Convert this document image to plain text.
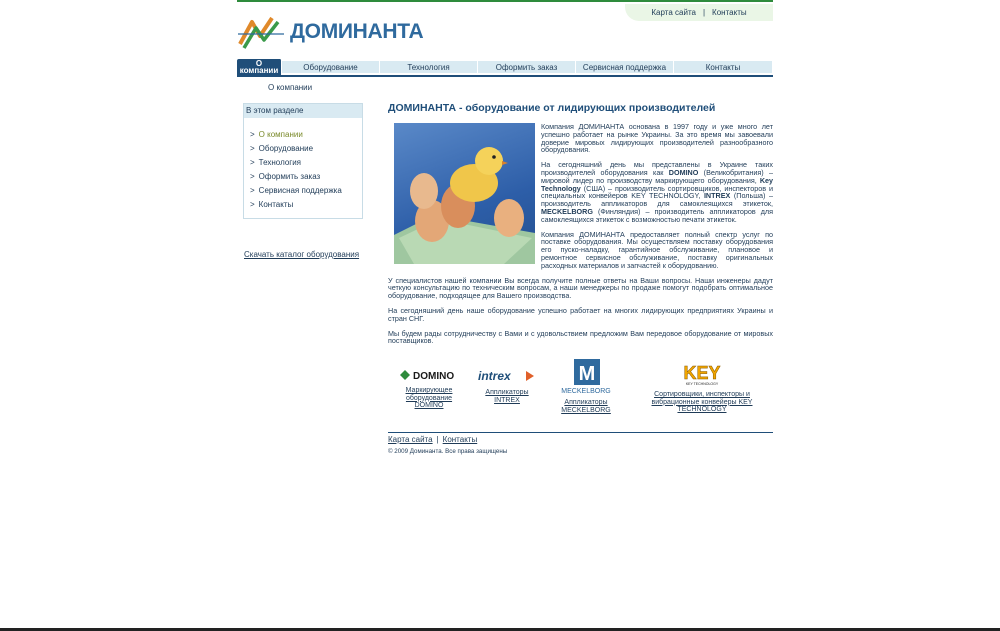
Карта сайта | Контакты
ДОМИНАНТА
О компании	Оборудование	Технология	Оформить заказ	Сервисная поддержка	Контакты
О компании
В этом разделе
> О компании
> Оборудование
> Технология
> Оформить заказ
> Сервисная поддержка
> Контакты
Скачать каталог оборудования
ДОМИНАНТА - оборудование от лидирующих производителей

Компания ДОМИНАНТА основана в 1997 году и уже много лет успешно работает на рынке Украины. За это время мы завоевали доверие мировых лидирующих производителей разнообразного оборудования.

На сегодняшний день мы представлены в Украине таких производителей оборудования как DOMINO (Великобритания) – мировой лидер по производству маркирующего оборудования, Key Technology (США) – производитель сортировщиков, инспекторов и специальных конвейеров KEY TECHNOLOGY, INTREX (Польша) – производитель аппликаторов для самоклеящихся этикеток, MECKELBORG (Финляндия) – производитель аппликаторов для самоклеящихся этикеток с возможностью печати этикеток.

Компания ДОМИНАНТА предоставляет полный спектр услуг по поставке оборудования. Мы осуществляем поставку оборудования его пуско-наладку, гарантийное обслуживание, плановое и ремонтное сервисное обслуживание, поставку оригинальных расходных материалов и запчастей к оборудованию.

У специалистов нашей компании Вы всегда получите полные ответы на Ваши вопросы. Наши инженеры дадут четкую консультацию по техническим вопросам, а наши менеджеры по продаже помогут подобрать оптимальное оборудование, подходящее для Вашего производства.

На сегодняшний день наше оборудование успешно работает на многих лидирующих предприятиях Украины и стран СНГ.

Мы будем рады сотрудничеству с Вами и с удовольствием предложим Вам передовое оборудование от мировых поставщиков.

DOMINO
Маркирующее оборудование DOMINO
intrex
Аппликаторы INTREX
M
MECKELBORG
Аппликаторы MECKELBORG
KEY
KEY TECHNOLOGY
Сортировщики, инспекторы и вибрационные конвейеры KEY TECHNOLOGY
Карта сайта | Контакты
© 2009 Доминанта. Все права защищены
